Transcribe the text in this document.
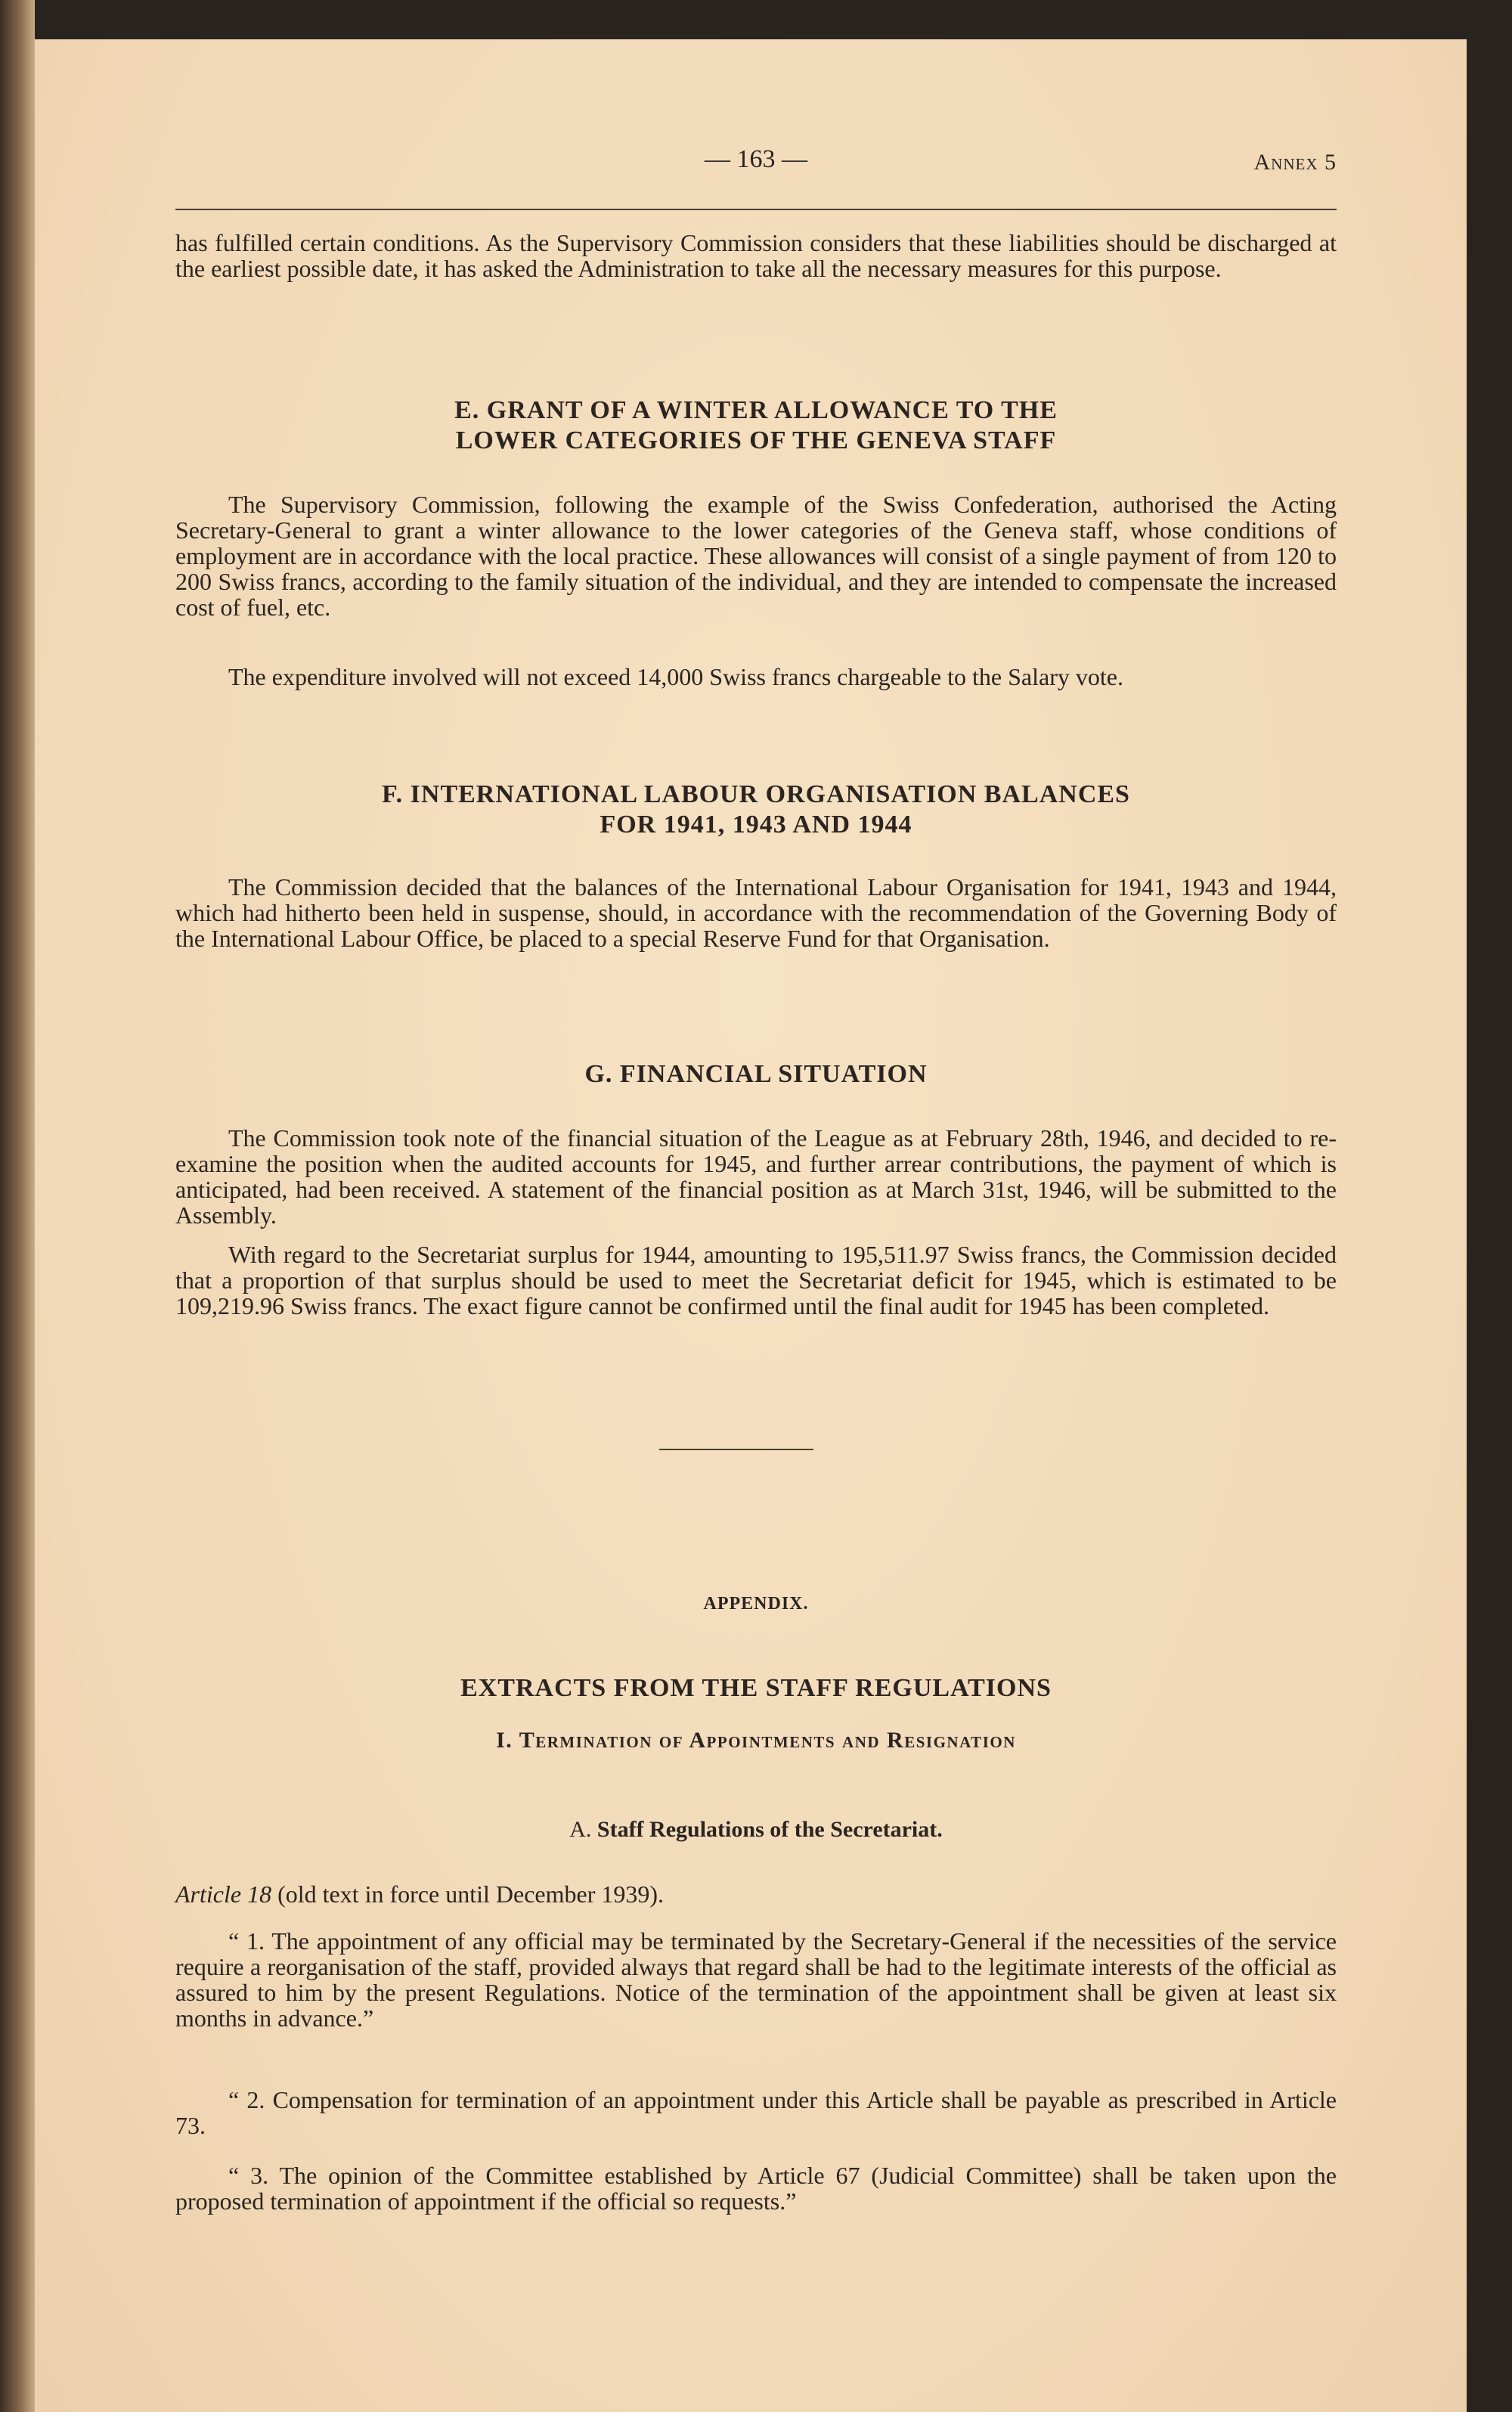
— 163 —	Annex 5

has fulfilled certain conditions. As the Supervisory Commission considers that these liabilities should be discharged at the earliest possible date, it has asked the Administration to take all the necessary measures for this purpose.

E. GRANT OF A WINTER ALLOWANCE TO THE
LOWER CATEGORIES OF THE GENEVA STAFF

The Supervisory Commission, following the example of the Swiss Confederation, authorised the Acting Secretary-General to grant a winter allowance to the lower categories of the Geneva staff, whose conditions of employment are in accordance with the local practice. These allowances will consist of a single payment of from 120 to 200 Swiss francs, according to the family situation of the individual, and they are intended to compensate the increased cost of fuel, etc.

The expenditure involved will not exceed 14,000 Swiss francs chargeable to the Salary vote.

F. INTERNATIONAL LABOUR ORGANISATION BALANCES
FOR 1941, 1943 AND 1944

The Commission decided that the balances of the International Labour Organisation for 1941, 1943 and 1944, which had hitherto been held in suspense, should, in accordance with the recommendation of the Governing Body of the International Labour Office, be placed to a special Reserve Fund for that Organisation.

G. FINANCIAL SITUATION

The Commission took note of the financial situation of the League as at February 28th, 1946, and decided to re-examine the position when the audited accounts for 1945, and further arrear contributions, the payment of which is anticipated, had been received. A statement of the financial position as at March 31st, 1946, will be submitted to the Assembly.

With regard to the Secretariat surplus for 1944, amounting to 195,511.97 Swiss francs, the Commission decided that a proportion of that surplus should be used to meet the Secretariat deficit for 1945, which is estimated to be 109,219.96 Swiss francs. The exact figure cannot be confirmed until the final audit for 1945 has been completed.

APPENDIX.
EXTRACTS FROM THE STAFF REGULATIONS
I. Termination of Appointments and Resignation
A. Staff Regulations of the Secretariat.

Article 18 (old text in force until December 1939).

“ 1. The appointment of any official may be terminated by the Secretary-General if the necessities of the service require a reorganisation of the staff, provided always that regard shall be had to the legitimate interests of the official as assured to him by the present Regulations. Notice of the termination of the appointment shall be given at least six months in advance.”

“ 2. Compensation for termination of an appointment under this Article shall be payable as prescribed in Article 73.

“ 3. The opinion of the Committee established by Article 67 (Judicial Committee) shall be taken upon the proposed termination of appointment if the official so requests.”
